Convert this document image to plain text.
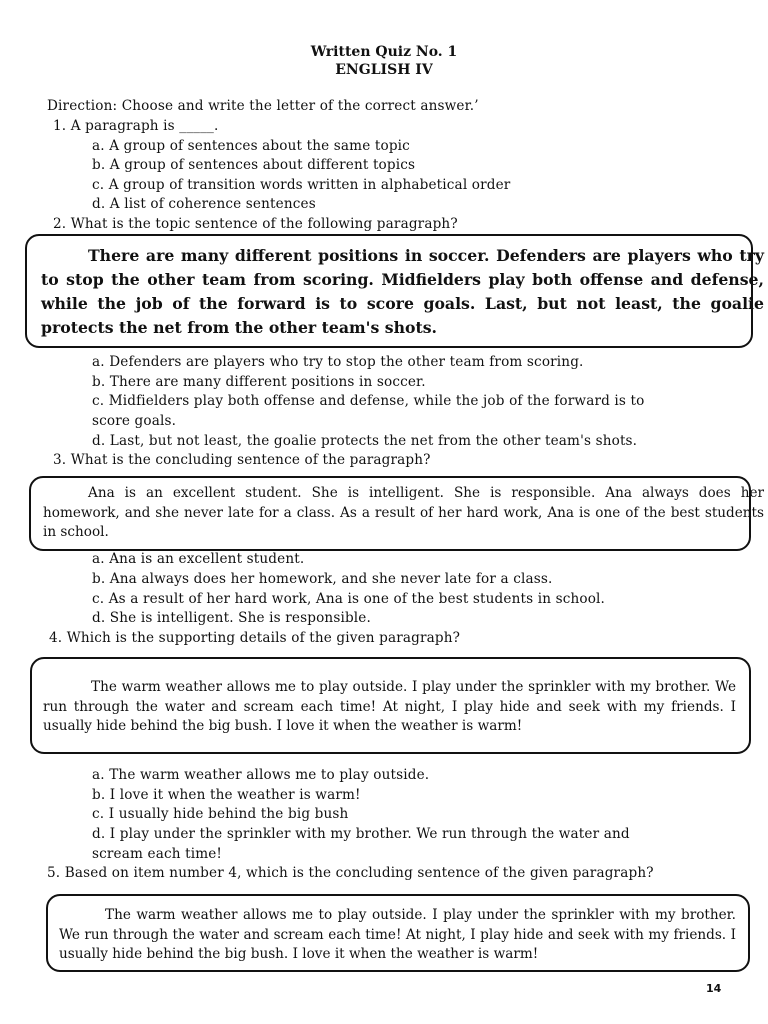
Written Quiz No. 1
ENGLISH IV
Direction: Choose and write the letter of the correct answer.’
1. A paragraph is _____.
a. A group of sentences about the same topic
b. A group of sentences about different topics
c. A group of transition words written in alphabetical order
d. A list of coherence sentences
2. What is the topic sentence of the following paragraph?
There are many different positions in soccer. Defenders are players who try to stop the other team from scoring. Midfielders play both offense and defense, while the job of the forward is to score goals. Last, but not least, the goalie protects the net from the other team's shots.
a. Defenders are players who try to stop the other team from scoring.
b. There are many different positions in soccer.
c. Midfielders play both offense and defense, while the job of the forward is to
score goals.
d. Last, but not least, the goalie protects the net from the other team's shots.
3. What is the concluding sentence of the paragraph?
Ana is an excellent student. She is intelligent. She is responsible. Ana always does her homework, and she never late for a class. As a result of her hard work, Ana is one of the best students in school.
a. Ana is an excellent student.
b. Ana always does her homework, and she never late for a class.
c. As a result of her hard work, Ana is one of the best students in school.
d. She is intelligent. She is responsible.
4. Which is the supporting details of the given paragraph?
The warm weather allows me to play outside. I play under the sprinkler with my brother. We run through the water and scream each time! At night, I play hide and seek with my friends. I usually hide behind the big bush. I love it when the weather is warm!
a. The warm weather allows me to play outside.
b. I love it when the weather is warm!
c. I usually hide behind the big bush
d. I play under the sprinkler with my brother. We run through the water and
scream each time!
5. Based on item number 4, which is the concluding sentence of the given paragraph?
The warm weather allows me to play outside. I play under the sprinkler with my brother. We run through the water and scream each time! At night, I play hide and seek with my friends. I usually hide behind the big bush. I love it when the weather is warm!
14
